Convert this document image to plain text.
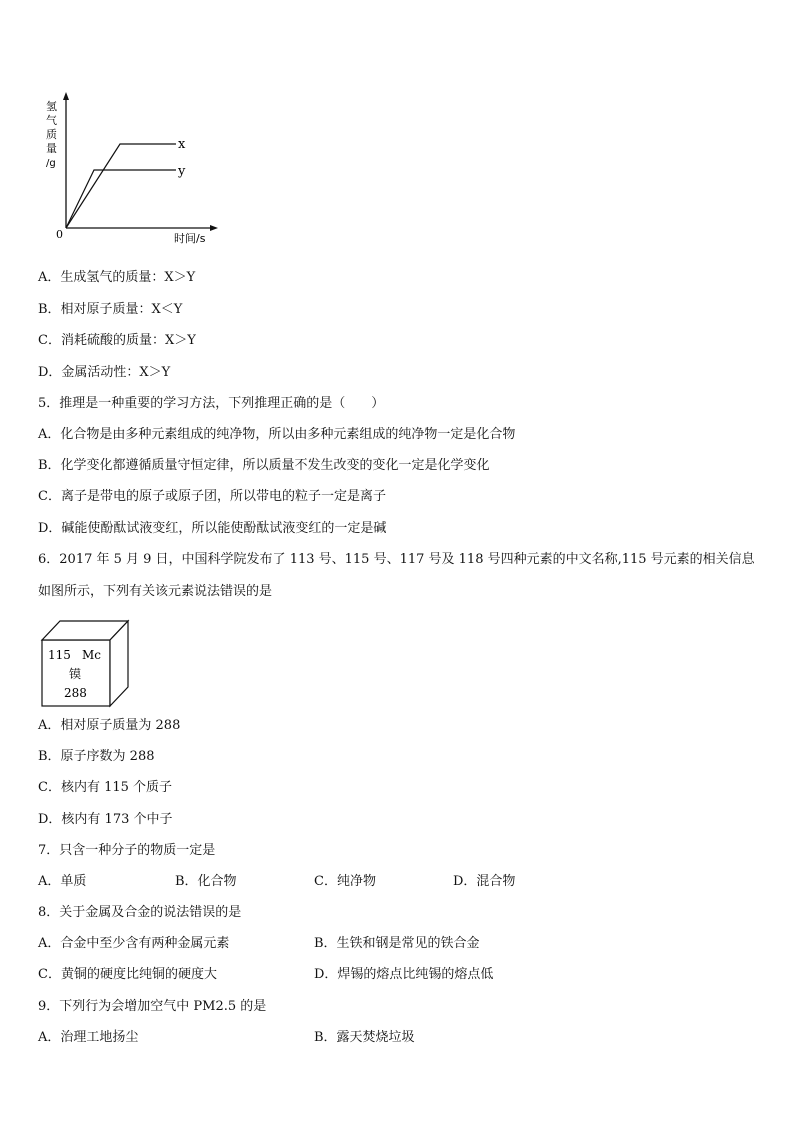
x
y
0	时间/s
氢
气
质
量
/g
A．生成氢气的质量：X＞Y
B．相对原子质量：X＜Y
C．消耗硫酸的质量：X＞Y
D．金属活动性：X＞Y
5．推理是一种重要的学习方法，下列推理正确的是（　　）
A．化合物是由多种元素组成的纯净物，所以由多种元素组成的纯净物一定是化合物
B．化学变化都遵循质量守恒定律，所以质量不发生改变的变化一定是化学变化
C．离子是带电的原子或原子团，所以带电的粒子一定是离子
D．碱能使酚酞试液变红，所以能使酚酞试液变红的一定是碱
6．2017 年 5 月 9 日，中国科学院发布了 113 号、115 号、117 号及 118 号四种元素的中文名称,115 号元素的相关信息
如图所示，下列有关该元素说法错误的是
115 Mc
镆
288
A．相对原子质量为 288
B．原子序数为 288
C．核内有 115 个质子
D．核内有 173 个中子
7．只含一种分子的物质一定是
A．单质	B．化合物	C．纯净物	D．混合物
8．关于金属及合金的说法错误的是
A．合金中至少含有两种金属元素	B．生铁和钢是常见的铁合金
C．黄铜的硬度比纯铜的硬度大	D．焊锡的熔点比纯锡的熔点低
9．下列行为会增加空气中 PM2.5 的是
A．治理工地扬尘	B．露天焚烧垃圾
